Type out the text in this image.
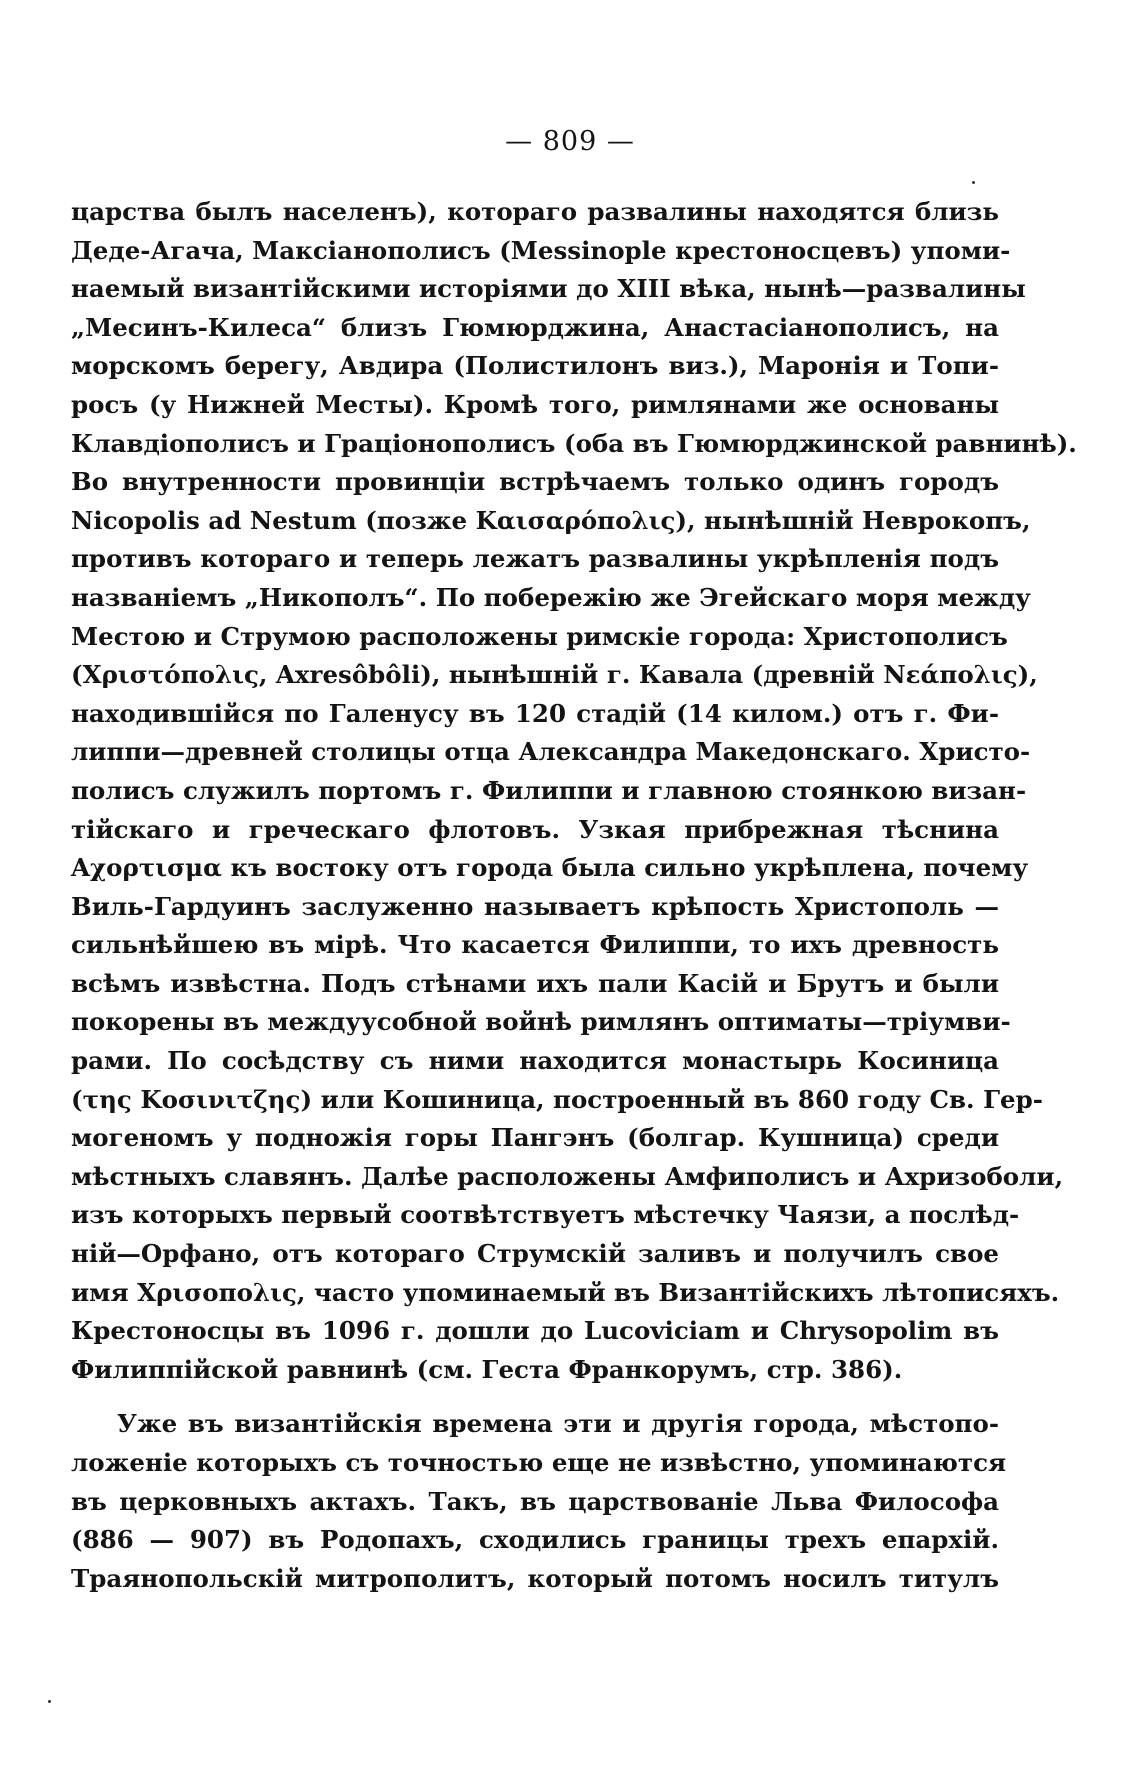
— 809 —
царства былъ населенъ), котораго развалины находятся близь
Деде-Агача, Максіанополисъ (Messinople крестоносцевъ) упоми-
наемый византійскими исторіями до XIII вѣка, нынѣ—развалины
„Месинъ-Килеса“ близъ Гюмюрджина, Анастасіанополисъ, на
морскомъ берегу, Авдира (Полистилонъ виз.), Маронія и Топи-
росъ (у Нижней Месты). Кромѣ того, римлянами же основаны
Клавдіополисъ и Граціонополисъ (оба въ Гюмюрджинской равнинѣ).
Во внутренности провинціи встрѣчаемъ только одинъ городъ
Nicopolis ad Nestum (позже Καισαρόπολις), нынѣшній Неврокопъ,
противъ котораго и теперь лежатъ развалины укрѣпленія подъ
названіемъ „Никополъ“. По побережію же Эгейскаго моря между
Местою и Струмою расположены римскіе города: Христополисъ
(Χριστόπολις, Axresôbôli), нынѣшній г. Кавала (древній Νεάπολις),
находившійся по Галенусу въ 120 стадій (14 килом.) отъ г. Фи-
липпи—древней столицы отца Александра Македонскаго. Христо-
полисъ служилъ портомъ г. Филиппи и главною стоянкою визан-
тійскаго и греческаго флотовъ. Узкая прибрежная тѣснина
Αχορτισμα къ востоку отъ города была сильно укрѣплена, почему
Виль-Гардуинъ заслуженно называетъ крѣпость Христополь —
сильнѣйшею въ мірѣ. Что касается Филиппи, то ихъ древность
всѣмъ извѣстна. Подъ стѣнами ихъ пали Касій и Брутъ и были
покорены въ междуусобной войнѣ римлянъ оптиматы—тріумви-
рами. По сосѣдству съ ними находится монастырь Косиница
(της Κοσινιτζης) или Кошиница, построенный въ 860 году Св. Гер-
могеномъ у подножія горы Пангэнъ (болгар. Кушница) среди
мѣстныхъ славянъ. Далѣе расположены Амфиполисъ и Ахризоболи,
изъ которыхъ первый соотвѣтствуетъ мѣстечку Чаязи, а послѣд-
ній—Орфано, отъ котораго Струмскій заливъ и получилъ свое
имя Χρισοπολις, часто упоминаемый въ Византійскихъ лѣтописяхъ.
Крестоносцы въ 1096 г. дошли до Lucoviciam и Chrysopolim въ
Филиппійской равнинѣ (см. Геста Франкорумъ, стр. 386).
Уже въ византійскія времена эти и другія города, мѣстопо-
ложеніе которыхъ съ точностью еще не извѣстно, упоминаются
въ церковныхъ актахъ. Такъ, въ царствованіе Льва Философа
(886 — 907) въ Родопахъ, сходились границы трехъ епархій.
Траянопольскій митрополитъ, который потомъ носилъ титулъ
